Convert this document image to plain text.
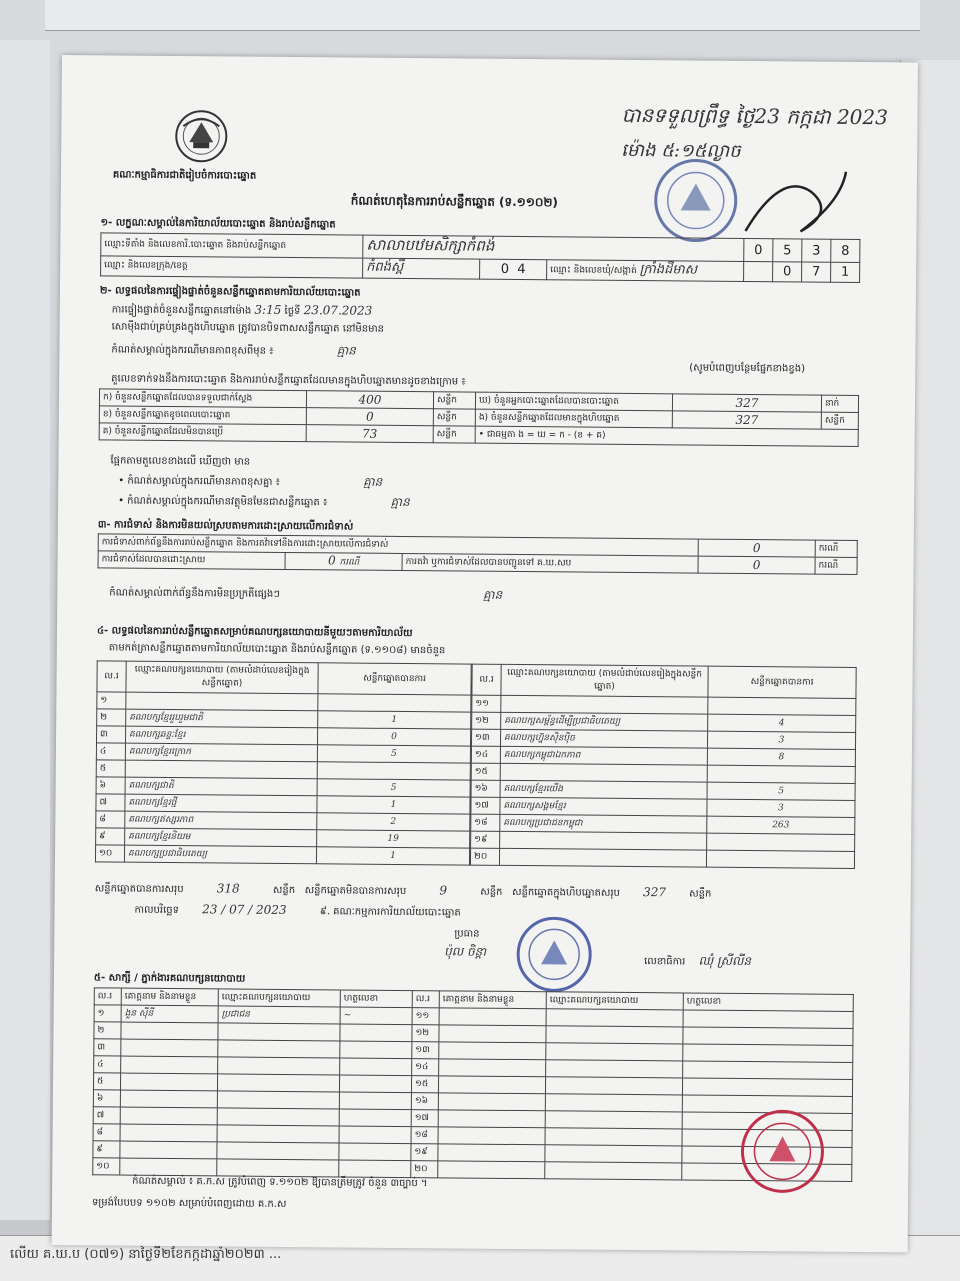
លើយ គ.ឃ.ប (០៧១) នាថ្ងៃទី២ខែកក្កដាឆ្នាំ២០២៣ ...
គណៈកម្មាធិការជាតិរៀបចំការបោះឆ្នោត
កំណត់ហេតុនៃការរាប់សន្លឹកឆ្នោត (ទ.១១០២)
បានទទួលព្រឹទ្ធ ថ្ងៃ23 កក្កដា 2023
ម៉ោង ៥:១៥ល្ងាច
១- លក្ខណៈសម្គាល់នៃការិយាល័យបោះឆ្នោត និងរាប់សន្លឹកឆ្នោត
ឈ្មោះទីតាំង និងលេខការិ.បោះឆ្នោត និងរាប់សន្លឹកឆ្នោត	សាលាបឋមសិក្សាកំពង់			0	5	3	8
ឈ្មោះ និងលេខក្រុង/ខេត្ត	កំពង់ស្ពឺ	0 4	ឈ្មោះ និងលេខឃុំ/សង្កាត់ ក្រាំងដីមាស		0	7	1
២- លទ្ធផលនៃការផ្ទៀងផ្ទាត់ចំនួនសន្លឹកឆ្នោតតាមការិយាល័យបោះឆ្នោត
ការផ្ទៀងផ្ទាត់ចំនួនសន្លឹកឆ្នោតនៅម៉ោង 3:15 ថ្ងៃទី 23.07.2023
សោមុីងជាប់គ្រប់គ្រងក្នុងហិបឆ្នោត ត្រូវបានបិទពាសសន្លឹកឆ្នោត នៅមិនមាន
កំណត់សម្គាល់ក្នុងករណីមានភាពខុសពីមុន ៖	គ្មាន
(សូមបំពេញបន្ថែមផ្នែកខាងខ្វង)
តួលេខទាក់ទងនឹងការបោះឆ្នោត និងការរាប់សន្លឹកឆ្នោតដែលមានក្នុងហិបឆ្នោតមានដូចខាងក្រោម ៖
ក) ចំនួនសន្លឹកឆ្នោតដែលបានទទួលជាក់ស្តែង	400	សន្លឹក	ឃ) ចំនួនអ្នកបោះឆ្នោតដែលបានបោះឆ្នោត	327	នាក់
ខ) ចំនួនសន្លឹកឆ្នោតខូចពេលបោះឆ្នោត	0	សន្លឹក	ង) ចំនួនសន្លឹកឆ្នោតដែលមានក្នុងហិបឆ្នោត	327	សន្លឹក
គ) ចំនួនសន្លឹកឆ្នោតដែលមិនបានប្រើ	73	សន្លឹក	• ជាធម្មតា ង = ឃ = ក - (ខ + គ)		
ផ្អែកតាមតួលេខខាងលើ ឃើញថា មាន
• កំណត់សម្គាល់ក្នុងករណីមានភាពខុសគ្នា ៖	គ្មាន
• កំណត់សម្គាល់ក្នុងករណីមានវត្ថុមិនមែនជាសន្លឹកឆ្នោត ៖	គ្មាន
៣- ការជំទាស់ និងការមិនយល់ស្របតាមការដោះស្រាយលើការជំទាស់
ការជំទាស់ពាក់ព័ន្ធនឹងការរាប់សន្លឹកឆ្នោត និងការតវ៉ាទៅនឹងការដោះស្រាយលើការជំទាស់			0	ករណី
ការជំទាស់ដែលបានដោះស្រាយ	0 ករណី	ការតវ៉ា ឬការជំទាស់ដែលបានបញ្ជូនទៅ គ.ឃ.សប	0	ករណី
កំណត់សម្គាល់ពាក់ព័ន្ធនឹងការមិនប្រក្រតីផ្សេងៗ	គ្មាន
៤- លទ្ធផលនៃការរាប់សន្លឹកឆ្នោតសម្រាប់គណបក្សនយោបាយនីមួយៗតាមការិយាល័យ
តាមកត់ត្រាសន្លឹកឆ្នោតតាមការិយាល័យបោះឆ្នោត និងរាប់សន្លឹកឆ្នោត (ទ.១១០៨) មានចំនួន
ល.រ	ឈ្មោះគណបក្សនយោបាយ (តាមលំដាប់លេខរៀងក្នុងសន្លឹកឆ្នោត)	សន្លឹកឆ្នោតបានការ
១		
២	គណបក្សខ្មែររួបរួមជាតិ	1
៣	គណបក្សឆន្ទៈខ្មែរ	0
៤	គណបក្សខ្មែរក្រោក	5
៥		
៦	គណបក្សជាតិ	5
៧	គណបក្សខ្មែរថ្មី	1
៨	គណបក្សឥស្សរភាព	2
៩	គណបក្សខ្មែរនិយម	19
១០	គណបក្សប្រជាធិបតេយ្យ	1
ល.រ	ឈ្មោះគណបក្សនយោបាយ (តាមលំដាប់លេខរៀងក្នុងសន្លឹកឆ្នោត)	សន្លឹកឆ្នោតបានការ
១១		
១២	គណបក្សសម្ព័ន្ធដើម្បីប្រជាធិបតេយ្យ	4
១៣	គណបក្សហ្វ៊ុនស៊ិនប៉ិច	3
១៤	គណបក្សកម្ពុជាឯកភាព	8
១៥		
១៦	គណបក្សខ្មែរយើង	5
១៧	គណបក្សសង្គមខ្មែរ	3
១៨	គណបក្សប្រជាជនកម្ពុជា	263
១៩		
២០		
សន្លឹកឆ្នោតបានការសរុប	318	សន្លឹក សន្លឹកឆ្នោតមិនបានការសរុប	9	សន្លឹក សន្លឹកឆ្នោតក្នុងហិបឆ្នោតសរុប 327 សន្លឹក
កាលបរិច្ឆេទ 23 / 07 / 2023	៩. គណៈកម្មការការិយាល័យបោះឆ្នោត
ប្រធាន
ប៉ុល ចិន្តា
លេខាធិការ ឈុំ ស្រីលីន
៥- សាក្សី / ភ្នាក់ងារគណបក្សនយោបាយ
ល.រ	គោត្តនាម និងនាមខ្លួន	ឈ្មោះគណបក្សនយោបាយ	ហត្ថលេខា	ល.រ	គោត្តនាម និងនាមខ្លួន	ឈ្មោះគណបក្សនយោបាយ	ហត្ថលេខា
១	ងួន ស៊ីនី	ប្រជាជន	~	១១			
២				១២			
៣				១៣			
៤				១៤			
៥				១៥			
៦				១៦			
៧				១៧			
៨				១៨			
៩				១៩			
១០				២០			
កំណត់សម្គាល់ ៖ គ.ក.ស ត្រូវបំពេញ ទ.១១០២ ឱ្យបានត្រឹមត្រូវ ចំនួន ៣ច្បាប់ ។
ទម្រង់បែបបទ ១១០២ សម្រាប់បំពេញដោយ គ.ក.ស
